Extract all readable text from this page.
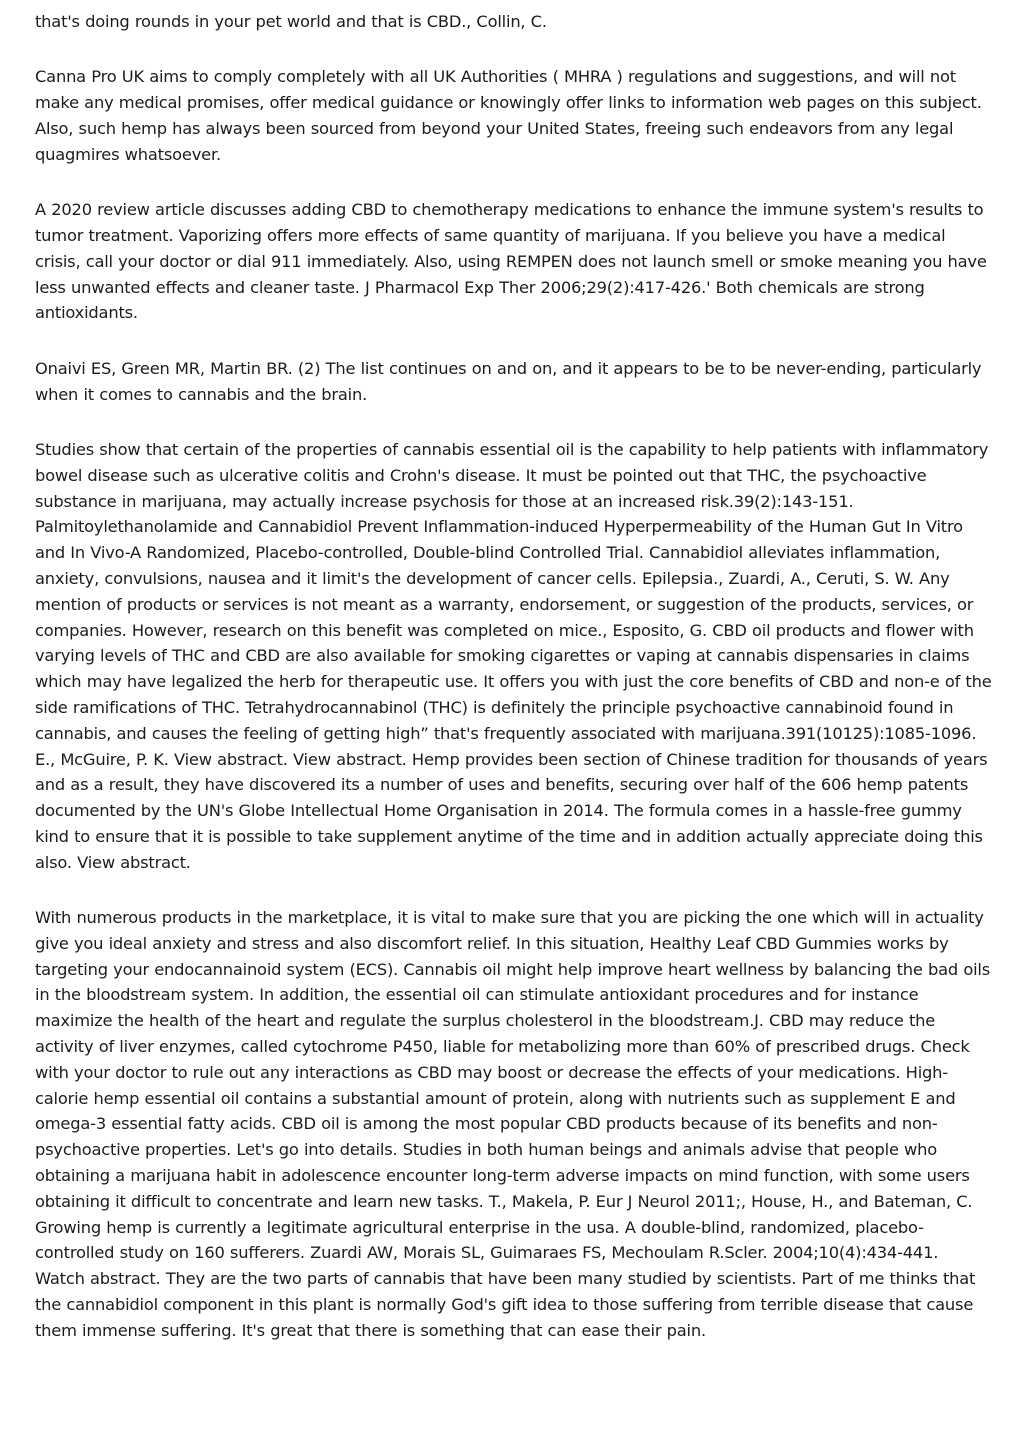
that's doing rounds in your pet world and that is CBD., Collin, C.

Canna Pro UK aims to comply completely with all UK Authorities ( MHRA ) regulations and suggestions, and will not make any medical promises, offer medical guidance or knowingly offer links to information web pages on this subject. Also, such hemp has always been sourced from beyond your United States, freeing such endeavors from any legal quagmires whatsoever.

A 2020 review article discusses adding CBD to chemotherapy medications to enhance the immune system's results to tumor treatment. Vaporizing offers more effects of same quantity of marijuana. If you believe you have a medical crisis, call your doctor or dial 911 immediately. Also, using REMPEN does not launch smell or smoke meaning you have less unwanted effects and cleaner taste. J Pharmacol Exp Ther 2006;29(2):417-426.' Both chemicals are strong antioxidants.

Onaivi ES, Green MR, Martin BR. (2) The list continues on and on, and it appears to be to be never-ending, particularly when it comes to cannabis and the brain.

Studies show that certain of the properties of cannabis essential oil is the capability to help patients with inflammatory bowel disease such as ulcerative colitis and Crohn's disease. It must be pointed out that THC, the psychoactive substance in marijuana, may actually increase psychosis for those at an increased risk.39(2):143-151. Palmitoylethanolamide and Cannabidiol Prevent Inflammation-induced Hyperpermeability of the Human Gut In Vitro and In Vivo-A Randomized, Placebo-controlled, Double-blind Controlled Trial. Cannabidiol alleviates inflammation, anxiety, convulsions, nausea and it limit's the development of cancer cells. Epilepsia., Zuardi, A., Ceruti, S. W. Any mention of products or services is not meant as a warranty, endorsement, or suggestion of the products, services, or companies. However, research on this benefit was completed on mice., Esposito, G. CBD oil products and flower with varying levels of THC and CBD are also available for smoking cigarettes or vaping at cannabis dispensaries in claims which may have legalized the herb for therapeutic use. It offers you with just the core benefits of CBD and non-e of the side ramifications of THC. Tetrahydrocannabinol (THC) is definitely the principle psychoactive cannabinoid found in cannabis, and causes the feeling of getting high” that's frequently associated with marijuana.391(10125):1085-1096. E., McGuire, P. K. View abstract. View abstract. Hemp provides been section of Chinese tradition for thousands of years and as a result, they have discovered its a number of uses and benefits, securing over half of the 606 hemp patents documented by the UN's Globe Intellectual Home Organisation in 2014. The formula comes in a hassle-free gummy kind to ensure that it is possible to take supplement anytime of the time and in addition actually appreciate doing this also. View abstract.

With numerous products in the marketplace, it is vital to make sure that you are picking the one which will in actuality give you ideal anxiety and stress and also discomfort relief. In this situation, Healthy Leaf CBD Gummies works by targeting your endocannainoid system (ECS). Cannabis oil might help improve heart wellness by balancing the bad oils in the bloodstream system. In addition, the essential oil can stimulate antioxidant procedures and for instance maximize the health of the heart and regulate the surplus cholesterol in the bloodstream.J. CBD may reduce the activity of liver enzymes, called cytochrome P450, liable for metabolizing more than 60% of prescribed drugs. Check with your doctor to rule out any interactions as CBD may boost or decrease the effects of your medications. High-calorie hemp essential oil contains a substantial amount of protein, along with nutrients such as supplement E and omega-3 essential fatty acids. CBD oil is among the most popular CBD products because of its benefits and non-psychoactive properties. Let's go into details. Studies in both human beings and animals advise that people who obtaining a marijuana habit in adolescence encounter long-term adverse impacts on mind function, with some users obtaining it difficult to concentrate and learn new tasks. T., Makela, P. Eur J Neurol 2011;, House, H., and Bateman, C. Growing hemp is currently a legitimate agricultural enterprise in the usa. A double-blind, randomized, placebo-controlled study on 160 sufferers. Zuardi AW, Morais SL, Guimaraes FS, Mechoulam R.Scler. 2004;10(4):434-441. Watch abstract. They are the two parts of cannabis that have been many studied by scientists. Part of me thinks that the cannabidiol component in this plant is normally God's gift idea to those suffering from terrible disease that cause them immense suffering. It's great that there is something that can ease their pain.
